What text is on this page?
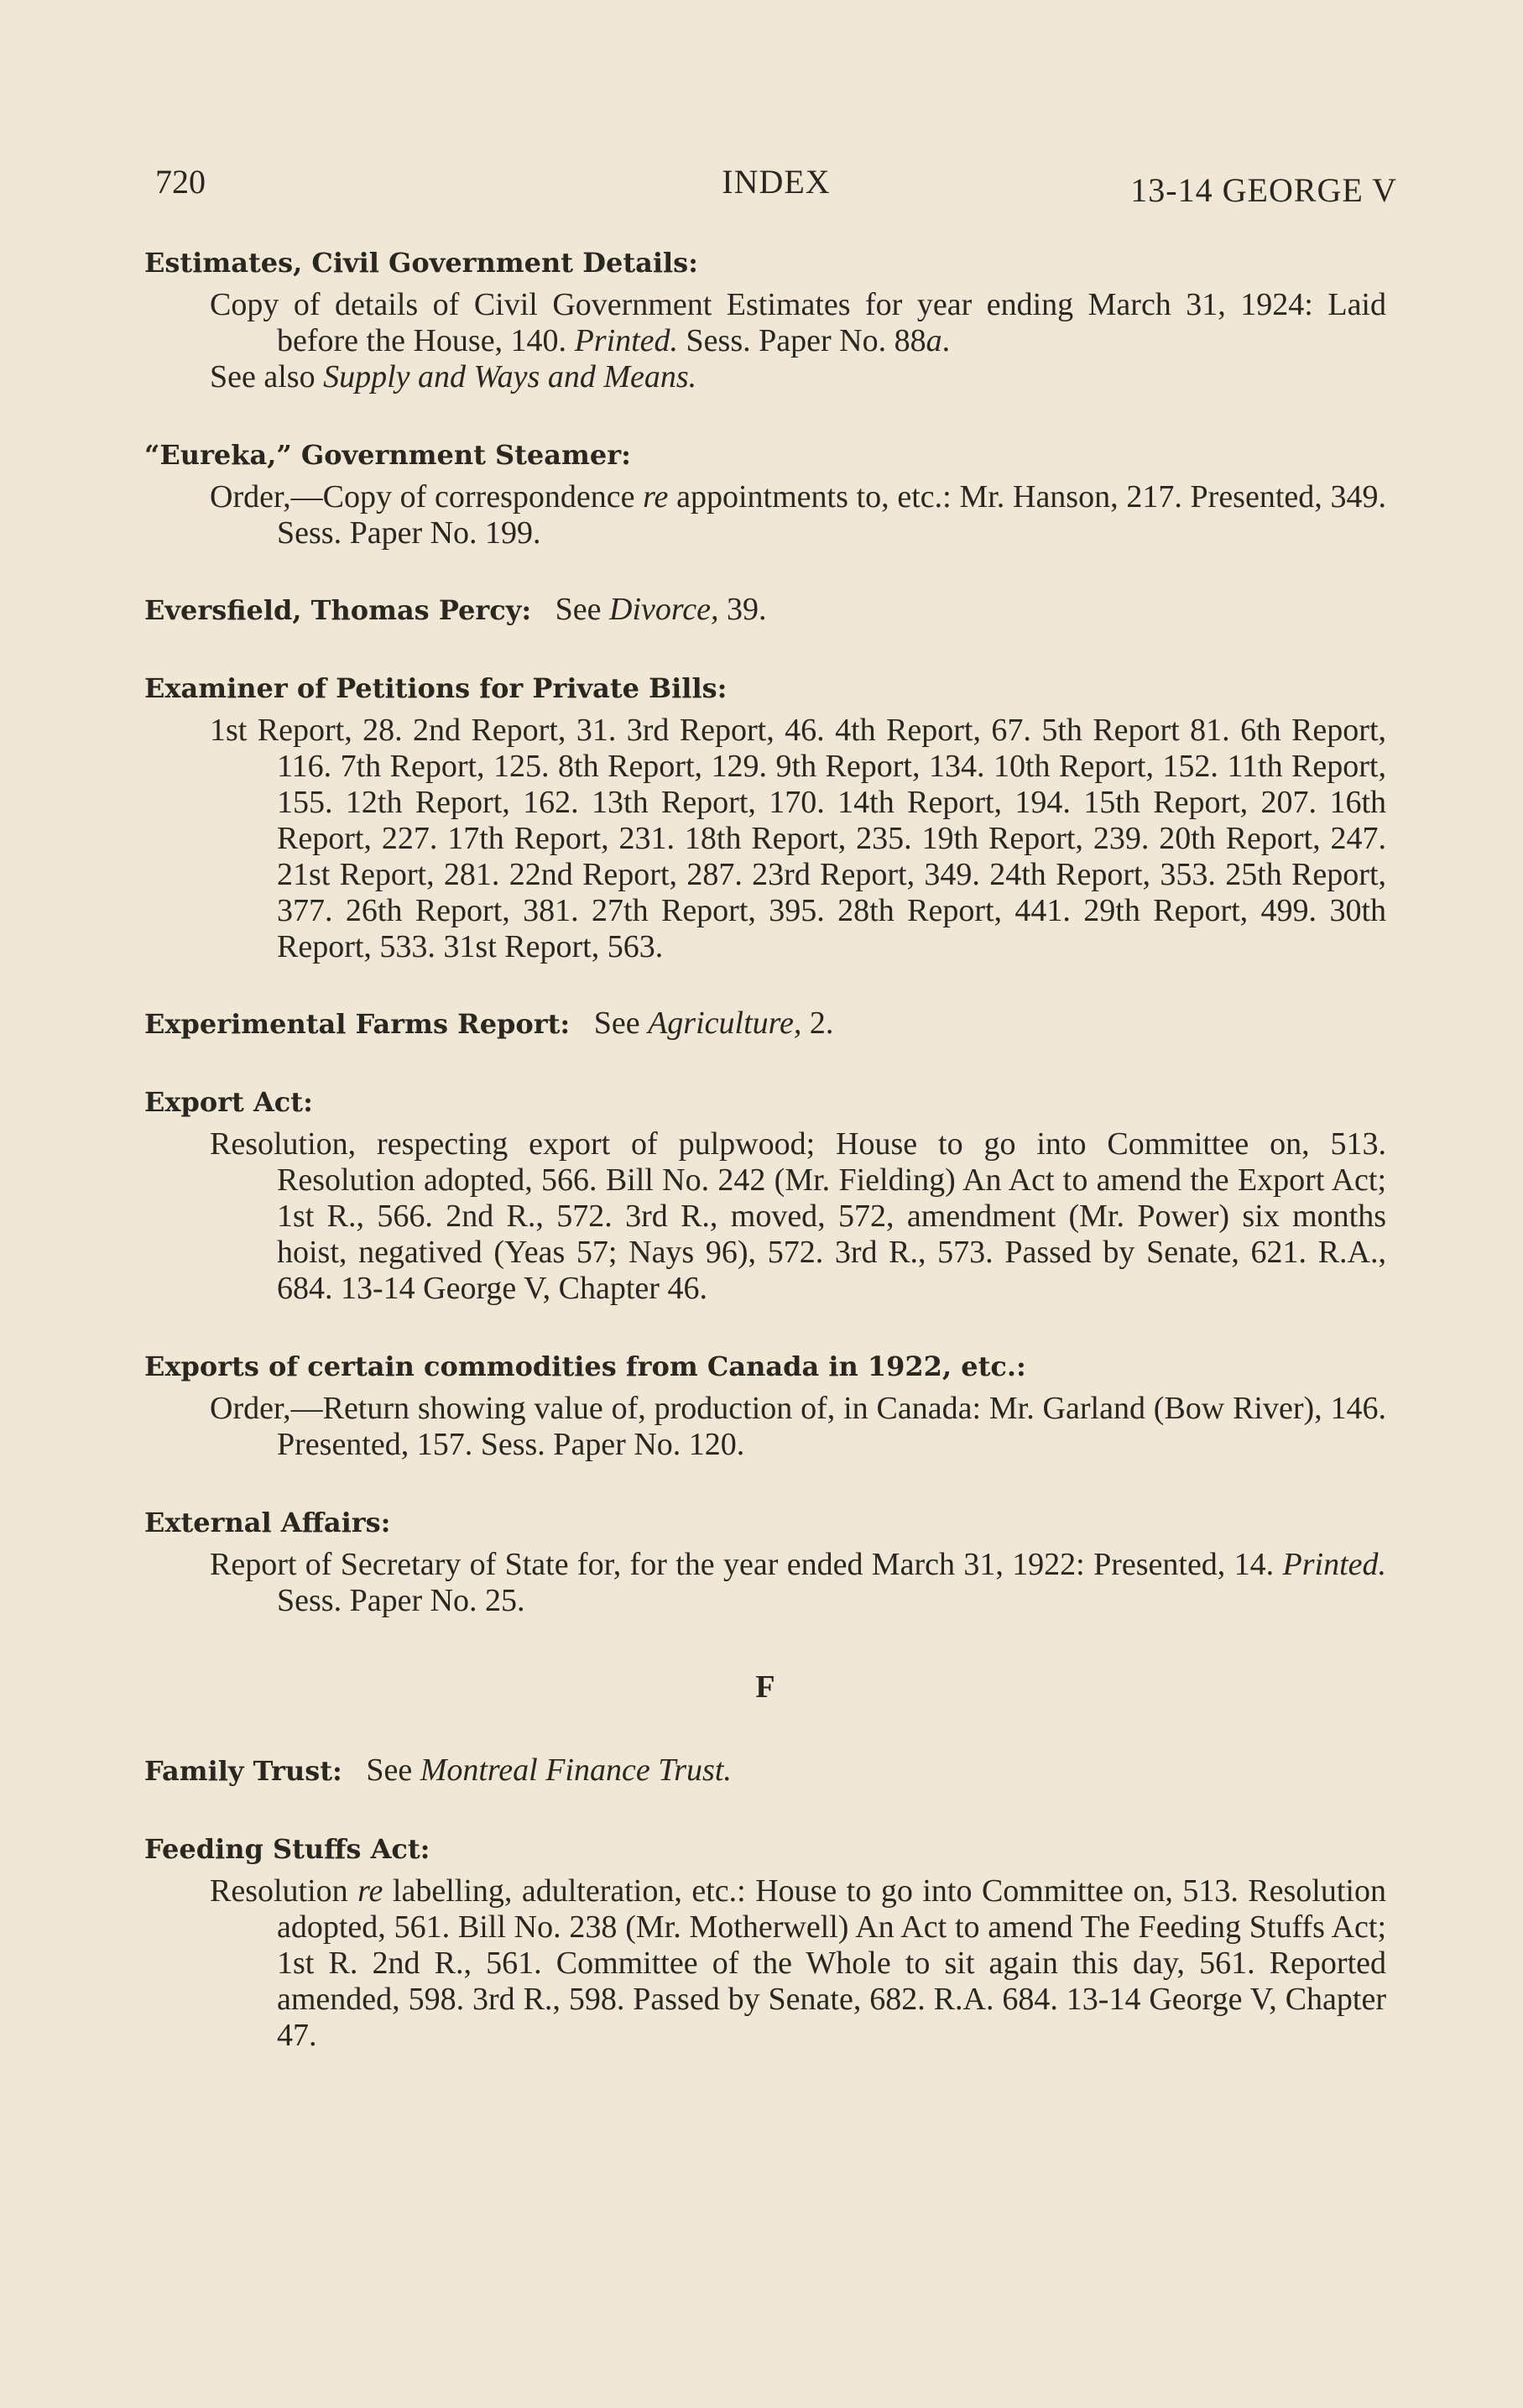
720	INDEX	13-14 GEORGE V
Estimates, Civil Government Details:
Copy of details of Civil Government Estimates for year ending March 31, 1924: Laid before the House, 140. Printed. Sess. Paper No. 88a.
See also Supply and Ways and Means.
“Eureka,” Government Steamer:
Order,—Copy of correspondence re appointments to, etc.: Mr. Hanson, 217. Presented, 349. Sess. Paper No. 199.
Eversfield, Thomas Percy: See Divorce, 39.
Examiner of Petitions for Private Bills:
1st Report, 28. 2nd Report, 31. 3rd Report, 46. 4th Report, 67. 5th Report 81. 6th Report, 116. 7th Report, 125. 8th Report, 129. 9th Report, 134. 10th Report, 152. 11th Report, 155. 12th Report, 162. 13th Report, 170. 14th Report, 194. 15th Report, 207. 16th Report, 227. 17th Report, 231. 18th Report, 235. 19th Report, 239. 20th Report, 247. 21st Report, 281. 22nd Report, 287. 23rd Report, 349. 24th Report, 353. 25th Report, 377. 26th Report, 381. 27th Report, 395. 28th Report, 441. 29th Report, 499. 30th Report, 533. 31st Report, 563.
Experimental Farms Report: See Agriculture, 2.
Export Act:
Resolution, respecting export of pulpwood; House to go into Committee on, 513. Resolution adopted, 566. Bill No. 242 (Mr. Fielding) An Act to amend the Export Act; 1st R., 566. 2nd R., 572. 3rd R., moved, 572, amendment (Mr. Power) six months hoist, negatived (Yeas 57; Nays 96), 572. 3rd R., 573. Passed by Senate, 621. R.A., 684. 13-14 George V, Chapter 46.
Exports of certain commodities from Canada in 1922, etc.:
Order,—Return showing value of, production of, in Canada: Mr. Garland (Bow River), 146. Presented, 157. Sess. Paper No. 120.
External Affairs:
Report of Secretary of State for, for the year ended March 31, 1922: Presented, 14. Printed. Sess. Paper No. 25.
F
Family Trust: See Montreal Finance Trust.
Feeding Stuffs Act:
Resolution re labelling, adulteration, etc.: House to go into Committee on, 513. Resolution adopted, 561. Bill No. 238 (Mr. Motherwell) An Act to amend The Feeding Stuffs Act; 1st R. 2nd R., 561. Committee of the Whole to sit again this day, 561. Reported amended, 598. 3rd R., 598. Passed by Senate, 682. R.A. 684. 13-14 George V, Chapter 47.
